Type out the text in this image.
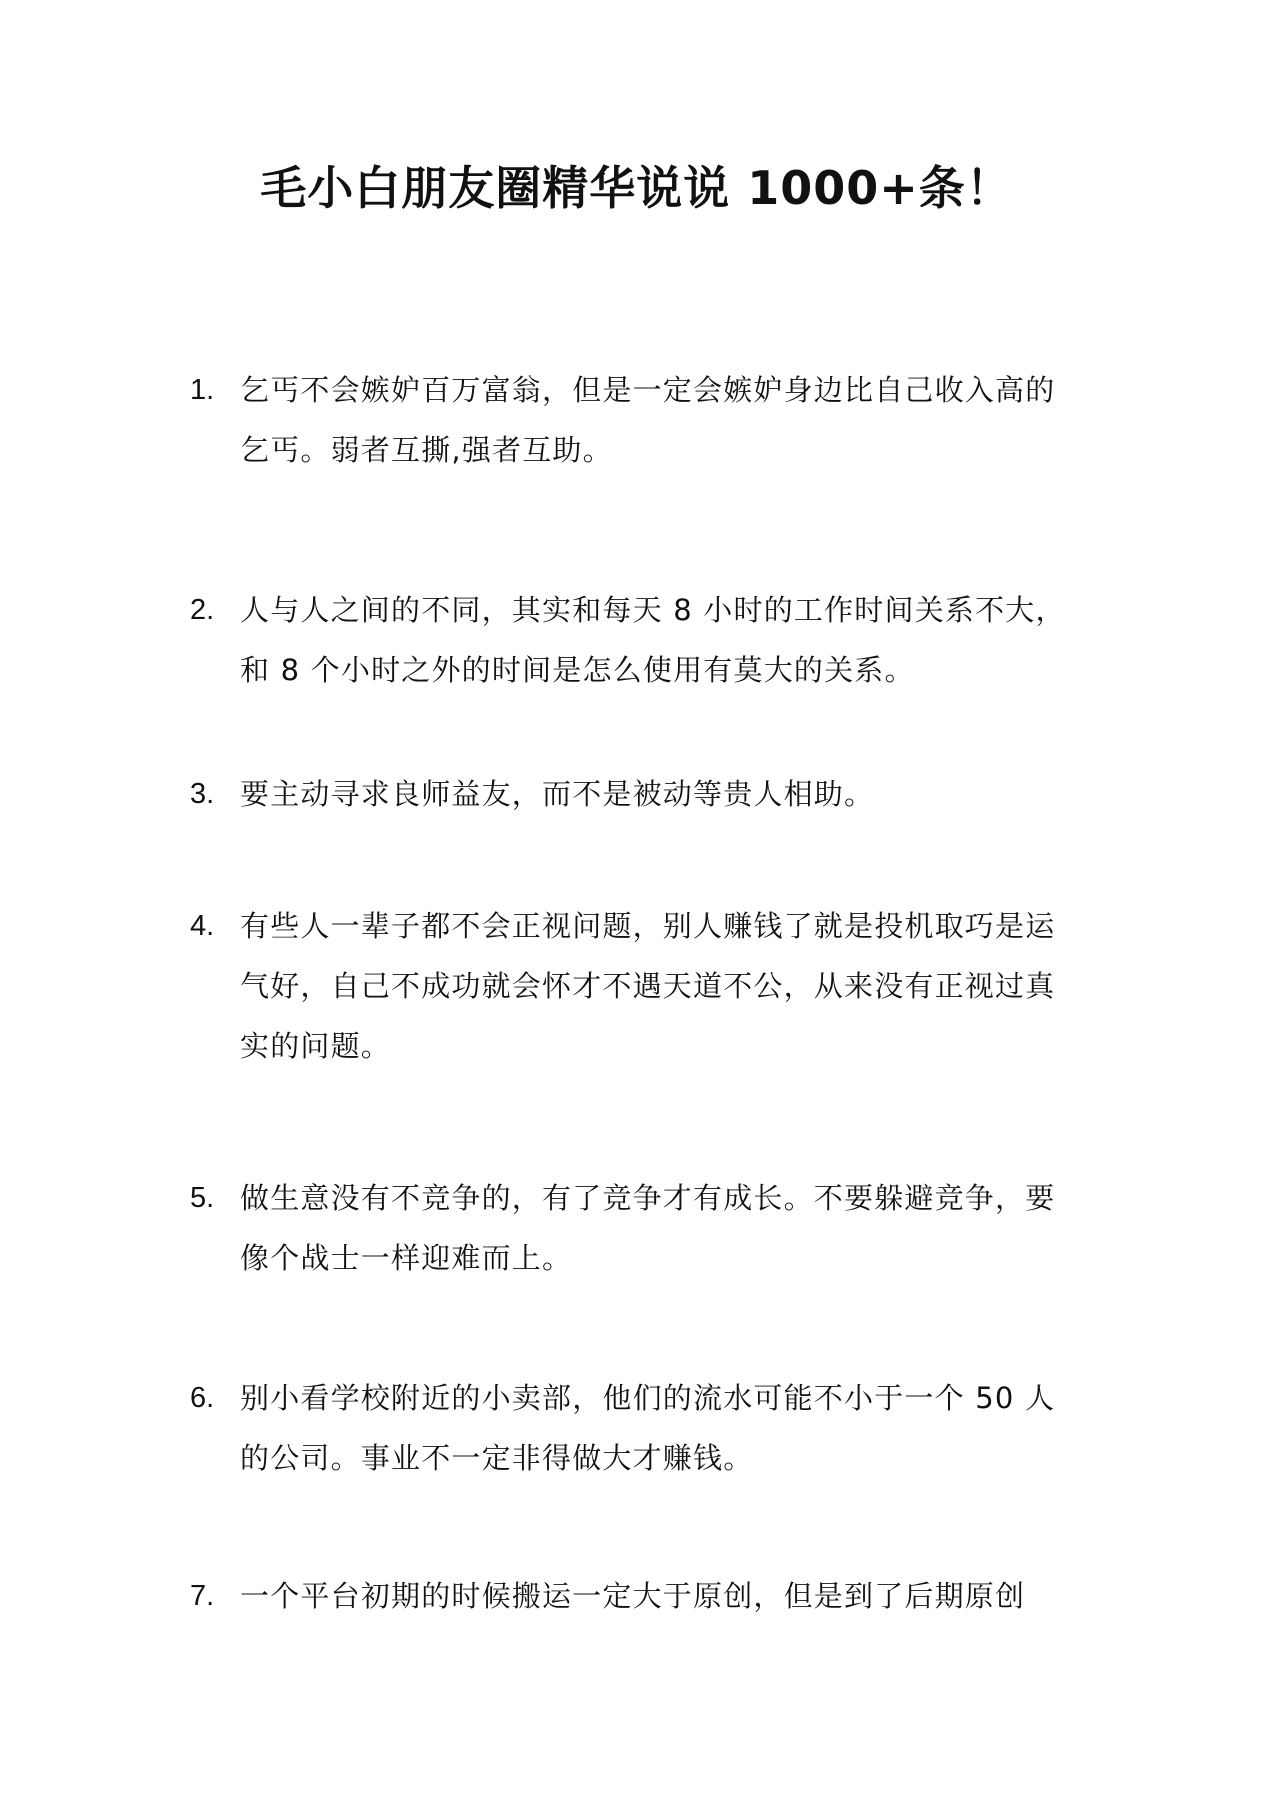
毛小白朋友圈精华说说 1000+条！
1. 乞丐不会嫉妒百万富翁，但是一定会嫉妒身边比自己收入高的乞丐。弱者互撕,强者互助。
2. 人与人之间的不同，其实和每天 8 小时的工作时间关系不大，和 8 个小时之外的时间是怎么使用有莫大的关系。
3. 要主动寻求良师益友，而不是被动等贵人相助。
4. 有些人一辈子都不会正视问题，别人赚钱了就是投机取巧是运气好，自己不成功就会怀才不遇天道不公，从来没有正视过真实的问题。
5. 做生意没有不竞争的，有了竞争才有成长。不要躲避竞争，要像个战士一样迎难而上。
6. 别小看学校附近的小卖部，他们的流水可能不小于一个 50 人的公司。事业不一定非得做大才赚钱。
7. 一个平台初期的时候搬运一定大于原创，但是到了后期原创
